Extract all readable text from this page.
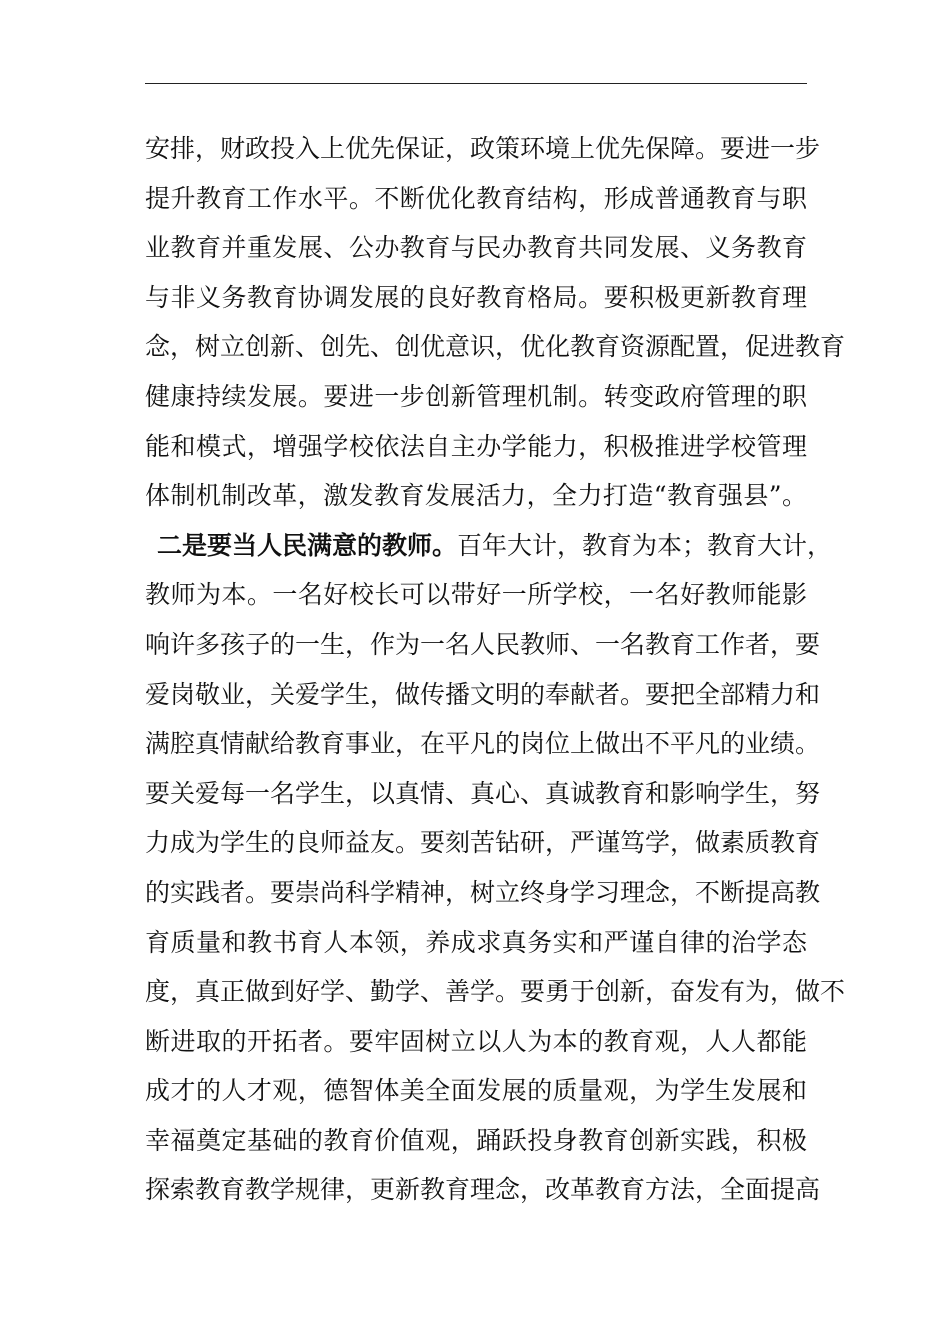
安排，财政投入上优先保证，政策环境上优先保障。要进一步
提升教育工作水平。不断优化教育结构，形成普通教育与职
业教育并重发展、公办教育与民办教育共同发展、义务教育
与非义务教育协调发展的良好教育格局。要积极更新教育理
念，树立创新、创先、创优意识，优化教育资源配置，促进教育
健康持续发展。要进一步创新管理机制。转变政府管理的职
能和模式，增强学校依法自主办学能力，积极推进学校管理
体制机制改革，激发教育发展活力，全力打造“教育强县”。
二是要当人民满意的教师。百年大计，教育为本；教育大计，
教师为本。一名好校长可以带好一所学校，一名好教师能影
响许多孩子的一生，作为一名人民教师、一名教育工作者，要
爱岗敬业，关爱学生，做传播文明的奉献者。要把全部精力和
满腔真情献给教育事业，在平凡的岗位上做出不平凡的业绩。
要关爱每一名学生，以真情、真心、真诚教育和影响学生，努
力成为学生的良师益友。要刻苦钻研，严谨笃学，做素质教育
的实践者。要崇尚科学精神，树立终身学习理念，不断提高教
育质量和教书育人本领，养成求真务实和严谨自律的治学态
度，真正做到好学、勤学、善学。要勇于创新，奋发有为，做不
断进取的开拓者。要牢固树立以人为本的教育观，人人都能
成才的人才观，德智体美全面发展的质量观，为学生发展和
幸福奠定基础的教育价值观，踊跃投身教育创新实践，积极
探索教育教学规律，更新教育理念，改革教育方法，全面提高
